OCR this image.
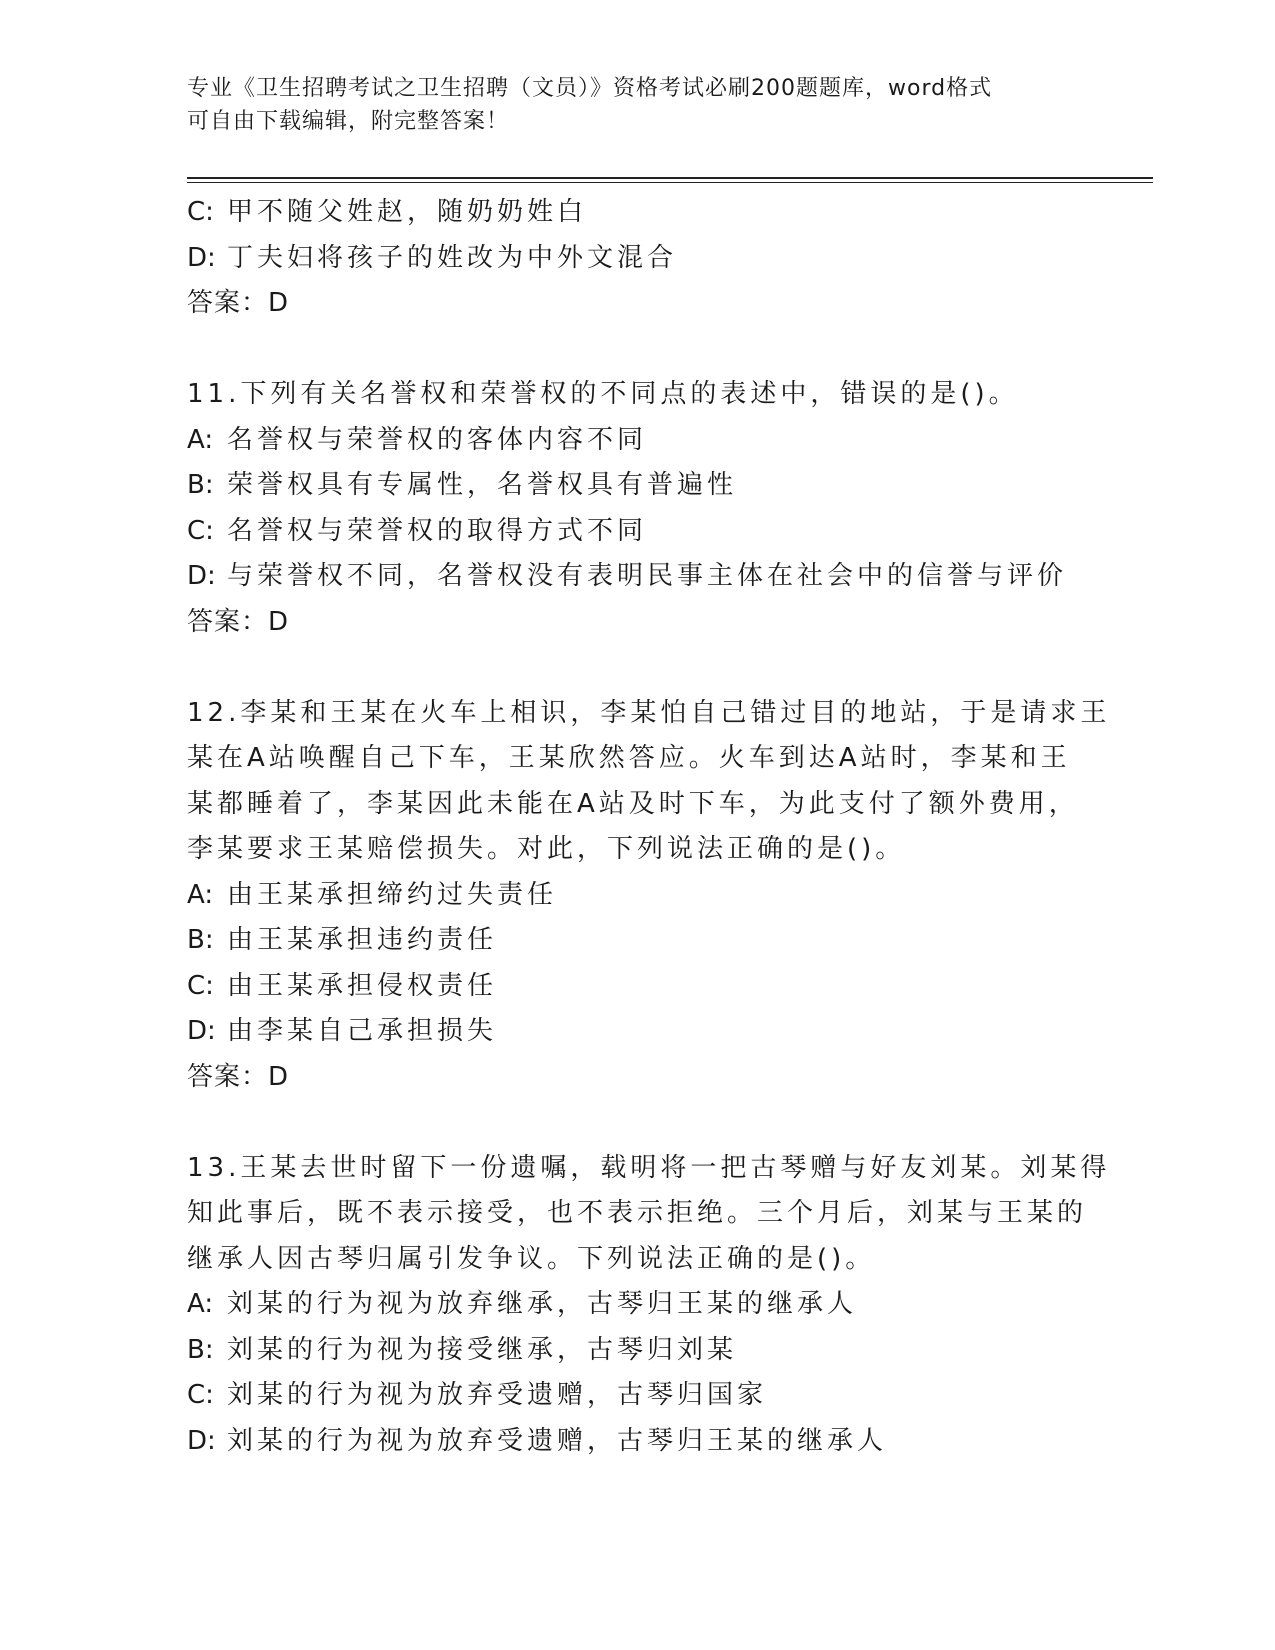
专业《卫生招聘考试之卫生招聘（文员）》资格考试必刷200题题库，word格式
可自由下载编辑，附完整答案！
C: 甲不随父姓赵，随奶奶姓白
D: 丁夫妇将孩子的姓改为中外文混合
答案：D
11.下列有关名誉权和荣誉权的不同点的表述中，错误的是()。
A: 名誉权与荣誉权的客体内容不同
B: 荣誉权具有专属性，名誉权具有普遍性
C: 名誉权与荣誉权的取得方式不同
D: 与荣誉权不同，名誉权没有表明民事主体在社会中的信誉与评价
答案：D
12.李某和王某在火车上相识，李某怕自己错过目的地站，于是请求王
某在A站唤醒自己下车，王某欣然答应。火车到达A站时，李某和王
某都睡着了，李某因此未能在A站及时下车，为此支付了额外费用，
李某要求王某赔偿损失。对此，下列说法正确的是()。
A: 由王某承担缔约过失责任
B: 由王某承担违约责任
C: 由王某承担侵权责任
D: 由李某自己承担损失
答案：D
13.王某去世时留下一份遗嘱，载明将一把古琴赠与好友刘某。刘某得
知此事后，既不表示接受，也不表示拒绝。三个月后，刘某与王某的
继承人因古琴归属引发争议。下列说法正确的是()。
A: 刘某的行为视为放弃继承，古琴归王某的继承人
B: 刘某的行为视为接受继承，古琴归刘某
C: 刘某的行为视为放弃受遗赠，古琴归国家
D: 刘某的行为视为放弃受遗赠，古琴归王某的继承人
